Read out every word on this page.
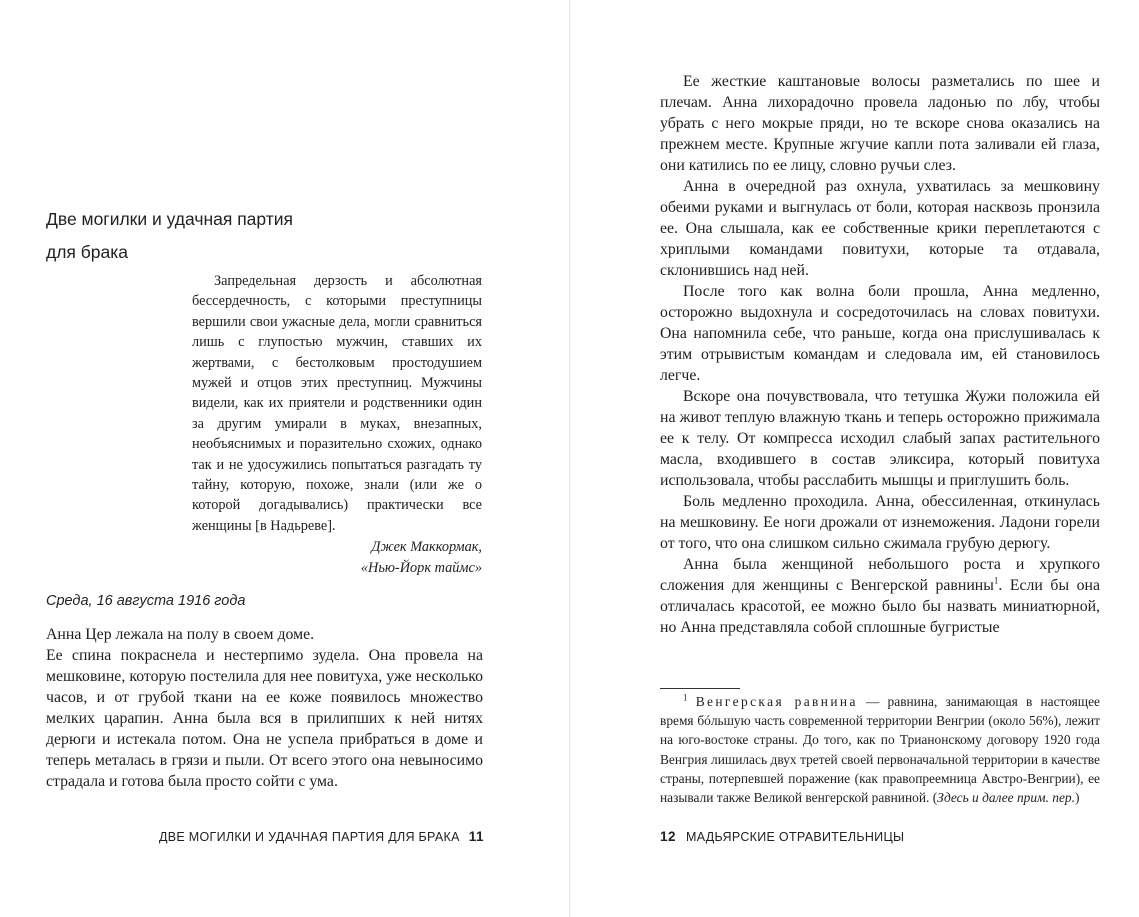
Две могилки и удачная партия
для брака

Запредельная дерзость и абсолютная бессердечность, с которыми преступницы вершили свои ужасные дела, могли сравниться лишь с глупостью мужчин, ставших их жертвами, с бестолковым простодушием мужей и отцов этих преступниц. Мужчины видели, как их приятели и родственники один за другим умирали в муках, внезапных, необъяснимых и поразительно схожих, однако так и не удосужились попытаться разгадать ту тайну, которую, похоже, знали (или же о которой догадывались) практически все женщины [в Надьреве].

Джек Маккормак,
«Нью-Йорк таймс»
Среда, 16 августа 1916 года

Анна Цер лежала на полу в своем доме.

Ее спина покраснела и нестерпимо зудела. Она провела на мешковине, которую постелила для нее повитуха, уже несколько часов, и от грубой ткани на ее коже появилось множество мелких царапин. Анна была вся в прилипших к ней нитях дерюги и истекала потом. Она не успела прибраться в доме и теперь металась в грязи и пыли. От всего этого она невыносимо страдала и готова была просто сойти с ума.

ДВЕ МОГИЛКИ И УДАЧНАЯ ПАРТИЯ ДЛЯ БРАКА 11

Ее жесткие каштановые волосы разметались по шее и плечам. Анна лихорадочно провела ладонью по лбу, чтобы убрать с него мокрые пряди, но те вскоре снова оказались на прежнем месте. Крупные жгучие капли пота заливали ей глаза, они катились по ее лицу, словно ручьи слез.

Анна в очередной раз охнула, ухватилась за мешковину обеими руками и выгнулась от боли, которая насквозь пронзила ее. Она слышала, как ее собственные крики переплетаются с хриплыми командами повитухи, которые та отдавала, склонившись над ней.

После того как волна боли прошла, Анна медленно, осторожно выдохнула и сосредоточилась на словах повитухи. Она напомнила себе, что раньше, когда она прислушивалась к этим отрывистым командам и следовала им, ей становилось легче.

Вскоре она почувствовала, что тетушка Жужи положила ей на живот теплую влажную ткань и теперь осторожно прижимала ее к телу. От компресса исходил слабый запах растительного масла, входившего в состав эликсира, который повитуха использовала, чтобы расслабить мышцы и приглушить боль.

Боль медленно проходила. Анна, обессиленная, откинулась на мешковину. Ее ноги дрожали от изнеможения. Ладони горели от того, что она слишком сильно сжимала грубую дерюгу.

Анна была женщиной небольшого роста и хрупкого сложения для женщины с Венгерской равнины$^1$. Если бы она отличалась красотой, ее можно было бы назвать миниатюрной, но Анна представляла собой сплошные бугристые

$^1$ Венгерская равнина — равнина, занимающая в настоящее время бóльшую часть современной территории Венгрии (около 56%), лежит на юго-востоке страны. До того, как по Трианонскому договору 1920 года Венгрия лишилась двух третей своей первоначальной территории в качестве страны, потерпевшей поражение (как правопреемница Австро-Венгрии), ее называли также Великой венгерской равниной. (Здесь и далее прим. пер.)

12 МАДЬЯРСКИЕ ОТРАВИТЕЛЬНИЦЫ
